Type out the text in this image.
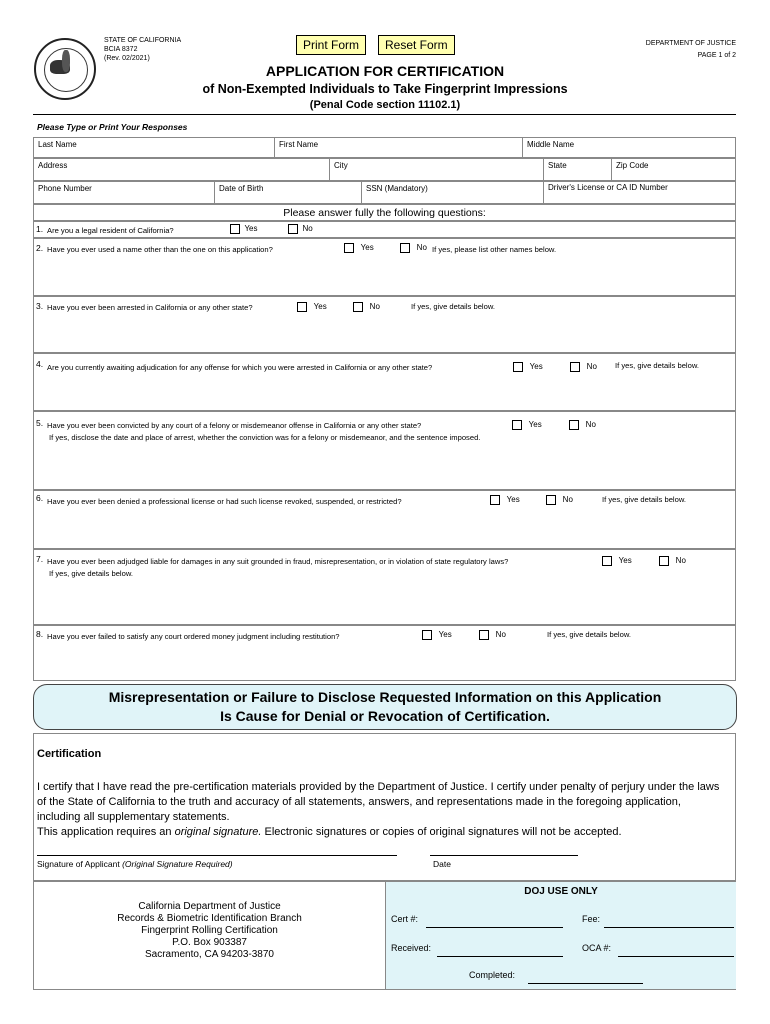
STATE OF CALIFORNIA
BCIA 8372
(Rev. 02/2021)
DEPARTMENT OF JUSTICE
PAGE 1 of 2
Print Form	Reset Form
APPLICATION FOR CERTIFICATION
of Non-Exempted Individuals to Take Fingerprint Impressions
(Penal Code section 11102.1)
Please Type or Print Your Responses
Last Name	First Name	Middle Name
Address	City	State	Zip Code
Phone Number	Date of Birth	SSN (Mandatory)	Driver's License or CA ID Number
Please answer fully the following questions:
1. Are you a legal resident of California?	Yes	No
2. Have you ever used a name other than the one on this application?	Yes	No If yes, please list other names below.
3. Have you ever been arrested in California or any other state?	Yes	No	If yes, give details below.
4. Are you currently awaiting adjudication for any offense for which you were arrested in California or any other state?	Yes	No If yes, give details below.
5. Have you ever been convicted by any court of a felony or misdemeanor offense in California or any other state?
If yes, disclose the date and place of arrest, whether the conviction was for a felony or misdemeanor, and the sentence imposed.
Yes	No
6. Have you ever been denied a professional license or had such license revoked, suspended, or restricted?	Yes	No	If yes, give details below.
7. Have you ever been adjudged liable for damages in any suit grounded in fraud, misrepresentation, or in violation of state regulatory laws?
If yes, give details below.
Yes	No
8. Have you ever failed to satisfy any court ordered money judgment including restitution?	Yes	No	If yes, give details below.
Misrepresentation or Failure to Disclose Requested Information on this Application
Is Cause for Denial or Revocation of Certification.
Certification
I certify that I have read the pre-certification materials provided by the Department of Justice. I certify under penalty of perjury under the laws of the State of California to the truth and accuracy of all statements, answers, and representations made in the foregoing application, including all supplementary statements.
This application requires an original signature. Electronic signatures or copies of original signatures will not be accepted.
Signature of Applicant (Original Signature Required)	Date
California Department of Justice
Records & Biometric Identification Branch
Fingerprint Rolling Certification
P.O. Box 903387
Sacramento, CA 94203-3870
DOJ USE ONLY
Cert #:	Fee:
Received:	OCA #:
Completed:
